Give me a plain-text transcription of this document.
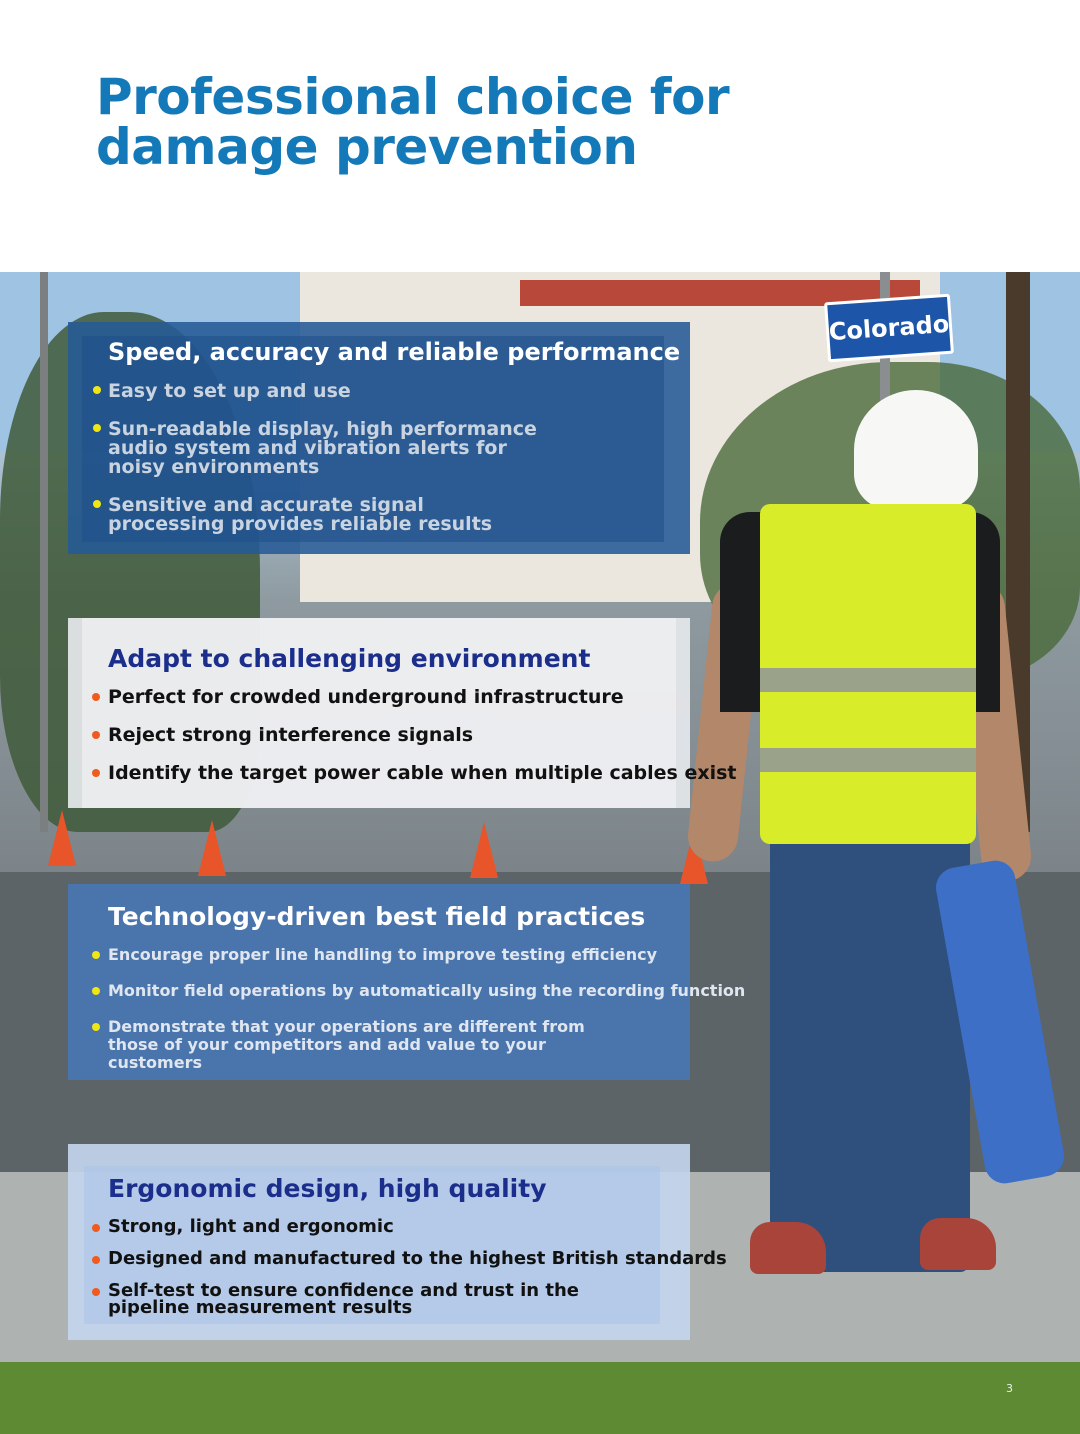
Professional choice for
damage prevention
Colorado
Speed, accuracy and reliable performance
Easy to set up and use
Sun-readable display, high performance audio system and vibration alerts for noisy environments
Sensitive and accurate signal processing provides reliable results
Adapt to challenging environment
Perfect for crowded underground infrastructure
Reject strong interference signals
Identify the target power cable when multiple cables exist
Technology-driven best field practices
Encourage proper line handling to improve testing efficiency
Monitor field operations by automatically using the recording function
Demonstrate that your operations are different from those of your competitors and add value to your customers
Ergonomic design, high quality
Strong, light and ergonomic
Designed and manufactured to the highest British standards
Self-test to ensure confidence and trust in the pipeline measurement results
3
